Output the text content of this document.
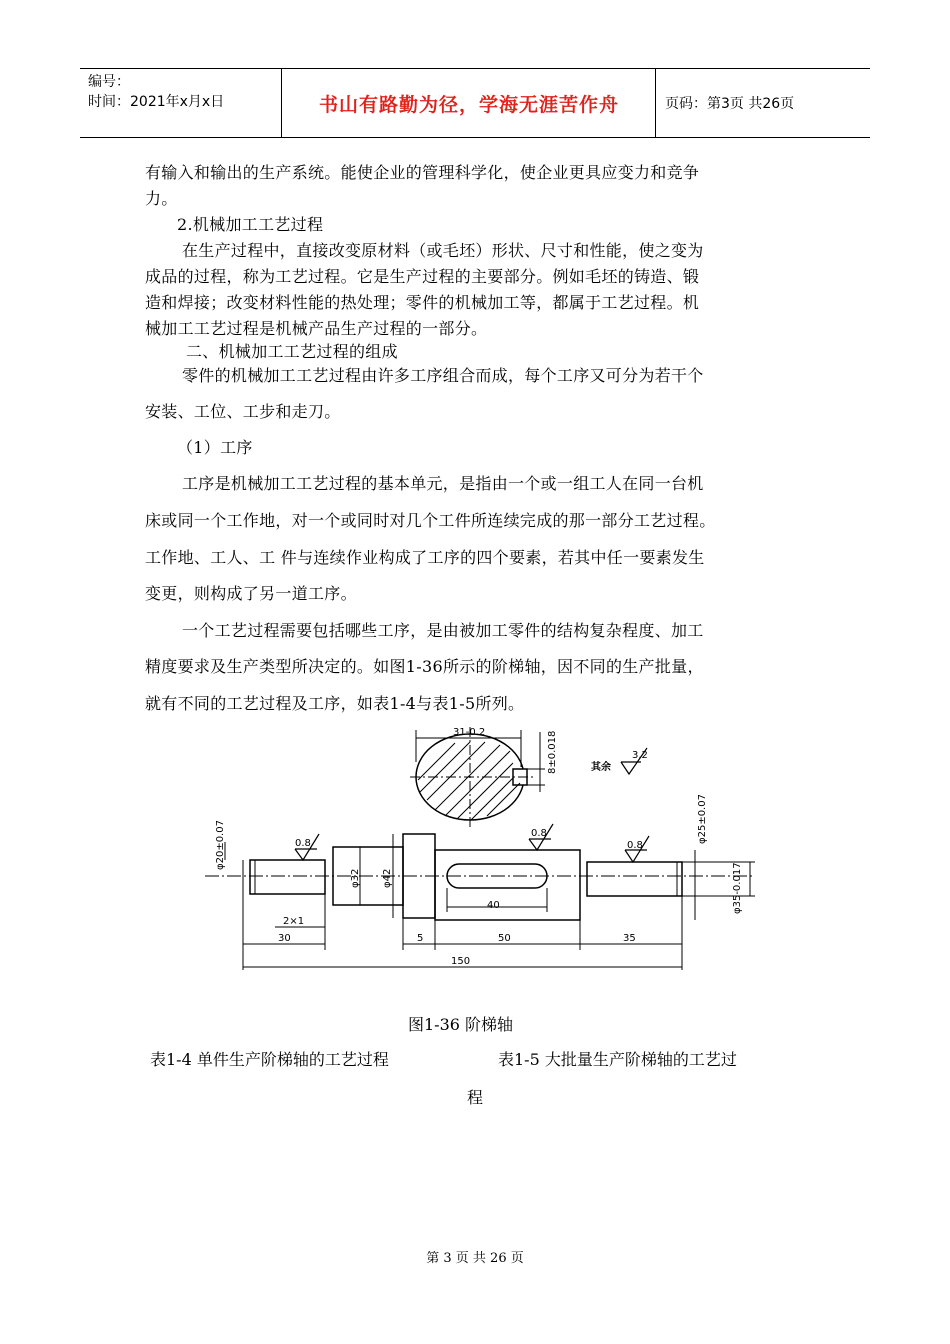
编号：
时间：2021年x月x日	书山有路勤为径，学海无涯苦作舟	页码：第3页 共26页
有输入和输出的生产系统。能使企业的管理科学化，使企业更具应变力和竞争
力。
2.机械加工工艺过程
在生产过程中，直接改变原材料（或毛坯）形状、尺寸和性能，使之变为
成品的过程，称为工艺过程。它是生产过程的主要部分。例如毛坯的铸造、锻
造和焊接；改变材料性能的热处理；零件的机械加工等，都属于工艺过程。机
械加工工艺过程是机械产品生产过程的一部分。
二、机械加工工艺过程的组成
零件的机械加工工艺过程由许多工序组合而成，每个工序又可分为若干个
安装、工位、工步和走刀。
（1）工序
工序是机械加工工艺过程的基本单元，是指由一个或一组工人在同一台机
床或同一个工作地，对一个或同时对几个工件所连续完成的那一部分工艺过程。
工作地、工人、工 件与连续作业构成了工序的四个要素，若其中任一要素发生
变更，则构成了另一道工序。
一个工艺过程需要包括哪些工序，是由被加工零件的结构复杂程度、加工
精度要求及生产类型所决定的。如图1-36所示的阶梯轴，因不同的生产批量，
就有不同的工艺过程及工序，如表1-4与表1-5所列。
31-0.2	8±0.018	其余
3.2
0.8
0.8
0.8
φ20±0.07
φ32 φ42
φ25±0.07
φ35-0.017
2×1
30
40
5	50	35
150
图1-36 阶梯轴
表1-4 单件生产阶梯轴的工艺过程	表1-5 大批量生产阶梯轴的工艺过
程
第 3 页 共 26 页
